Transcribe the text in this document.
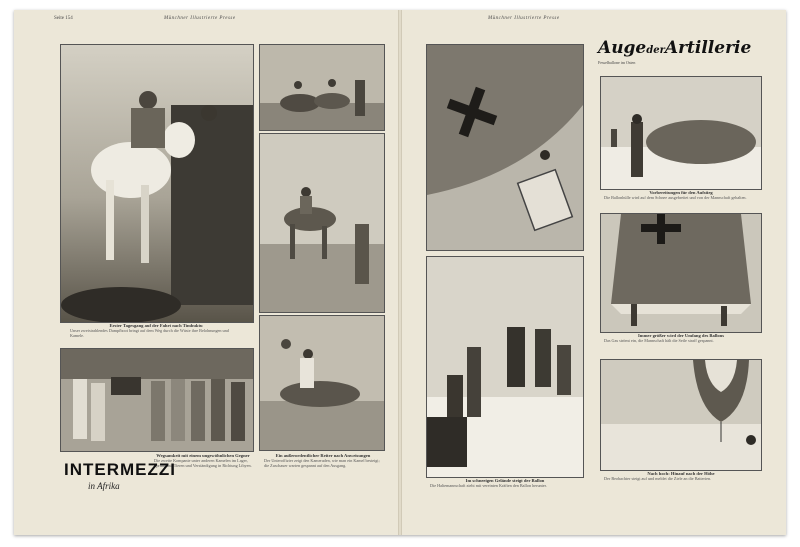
Seite 154	Münchner Illustrierte Presse
Erster Tagesgang auf der Fahrt nach Timbuktu
Unser zweistrahlendes Dampfboot bringt auf dem Weg durch die Wüste ihre Belohnungen und Kamele.
Wegsamkeit mit einem ungewöhnlichen Gegner
Die zweite Kompanie unter anderen Kamelen im Lager, Sprung mit Tieren und Verständigung in Richtung Libyen.
Ein außerordentlicher Reiter nach Anweisungen
Der Unteroffizier zeigt den Kameraden, wie man ein Kamel besteigt; die Zuschauer warten gespannt auf den Ausgang.
INTERMEZZI
in Afrika
Münchner Illustrierte Presse
AugederArtillerie
Fesselballone im Osten
Vorbereitungen für den Aufstieg
Die Ballonhülle wird auf dem Schnee ausgebreitet und von der Mannschaft gehalten.
Immer größer wird der Umfang des Ballons
Das Gas strömt ein, die Mannschaft hält die Seile straff gespannt.
Im schneeigen Gelände steigt der Ballon
Die Haltemannschaft zieht mit vereinten Kräften den Ballon herunter.
Nach hoch: Hinauf nach der Höhe
Der Beobachter steigt auf und meldet die Ziele an die Batterien.
